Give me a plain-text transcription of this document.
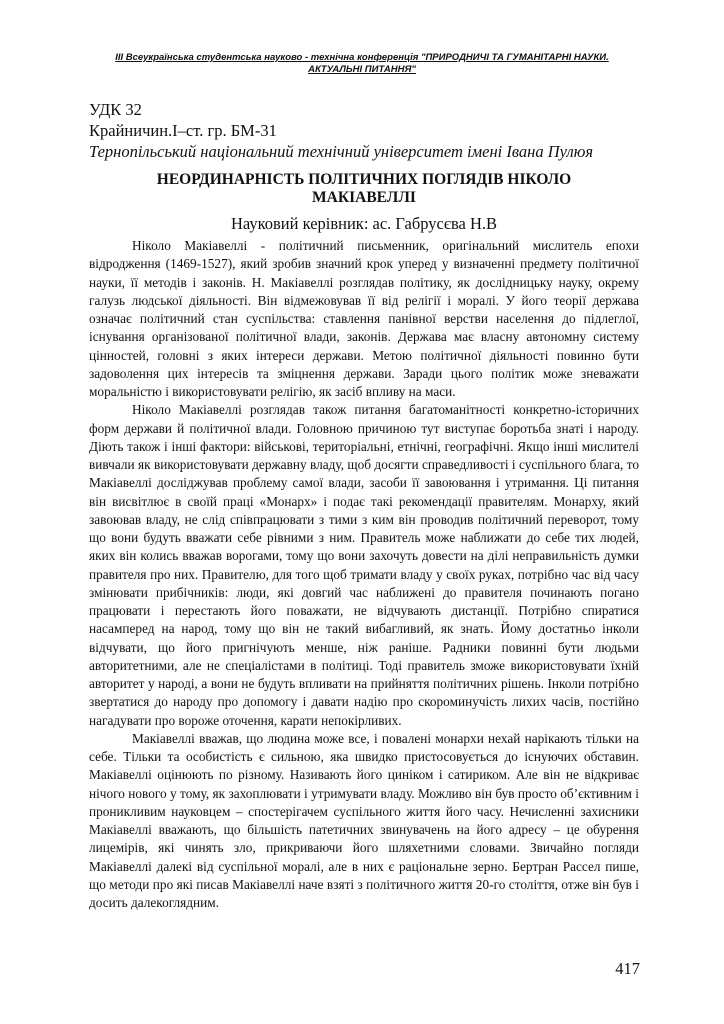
ІІІ Всеукраїнська студентська науково - технічна конференція "ПРИРОДНИЧІ ТА ГУМАНІТАРНІ НАУКИ.
АКТУАЛЬНІ ПИТАННЯ"
УДК 32
Крайничин.І–ст. гр. БМ-31
Тернопільський національний технічний університет імені Івана Пулюя
НЕОРДИНАРНІСТЬ ПОЛІТИЧНИХ ПОГЛЯДІВ НІКОЛО
МАКІАВЕЛЛІ
Науковий керівник: ас. Габрусєва Н.В

Ніколо Макіавеллі - політичний письменник, оригінальний мислитель епохи відродження (1469-1527), який зробив значний крок уперед у визначенні предмету політичної науки, її методів і законів. Н. Макіавеллі розглядав політику, як дослідницьку науку, окрему галузь людської діяльності. Він відмежовував її від релігії і моралі. У його теорії держава означає політичний стан суспільства: ставлення панівної верстви населення до підлеглої, існування організованої політичної влади, законів. Держава має власну автономну систему цінностей, головні з яких інтереси держави. Метою політичної діяльності повинно бути задоволення цих інтересів та зміцнення держави. Заради цього політик може зневажати моральністю і використовувати релігію, як засіб впливу на маси.

Ніколо Макіавеллі розглядав також питання багатоманітності конкретно-історичних форм держави й політичної влади. Головною причиною тут виступає боротьба знаті і народу. Діють також і інші фактори: військові, територіальні, етнічні, географічні. Якщо інші мислителі вивчали як використовувати державну владу, щоб досягти справедливості і суспільного блага, то Макіавеллі досліджував проблему самої влади, засоби її завоювання і утримання. Ці питання він висвітлює в своїй праці «Монарх» і подає такі рекомендації правителям. Монарху, який завоював владу, не слід співпрацювати з тими з ким він проводив політичний переворот, тому що вони будуть вважати себе рівними з ним. Правитель може наближати до себе тих людей, яких він колись вважав ворогами, тому що вони захочуть довести на ділі неправильність думки правителя про них. Правителю, для того щоб тримати владу у своїх руках, потрібно час від часу змінювати прибічників: люди, які довгий час наближені до правителя починають погано працювати і перестають його поважати, не відчувають дистанції. Потрібно спиратися насамперед на народ, тому що він не такий вибагливий, як знать. Йому достатньо інколи відчувати, що його пригнічують менше, ніж раніше. Радники повинні бути людьми авторитетними, але не спеціалістами в політиці. Тоді правитель зможе використовувати їхній авторитет у народі, а вони не будуть впливати на прийняття політичних рішень. Інколи потрібно звертатися до народу про допомогу і давати надію про скороминучість лихих часів, постійно нагадувати про вороже оточення, карати непокірливих.

Макіавеллі вважав, що людина може все, і повалені монархи нехай нарікають тільки на себе. Тільки та особистість є сильною, яка швидко пристосовується до існуючих обставин. Макіавеллі оцінюють по різному. Називають його циніком і сатириком. Але він не відкриває нічого нового у тому, як захоплювати і утримувати владу. Можливо він був просто об’єктивним і проникливим науковцем – спостерігачем суспільного життя його часу. Нечисленні захисники Макіавеллі вважають, що більшість патетичних звинувачень на його адресу – це обурення лицемірів, які чинять зло, прикриваючи його шляхетними словами. Звичайно погляди Макіавеллі далекі від суспільної моралі, але в них є раціональне зерно. Бертран Рассел пише, що методи про які писав Макіавеллі наче взяті з політичного життя 20-го століття, отже він був і досить далекоглядним.

417
